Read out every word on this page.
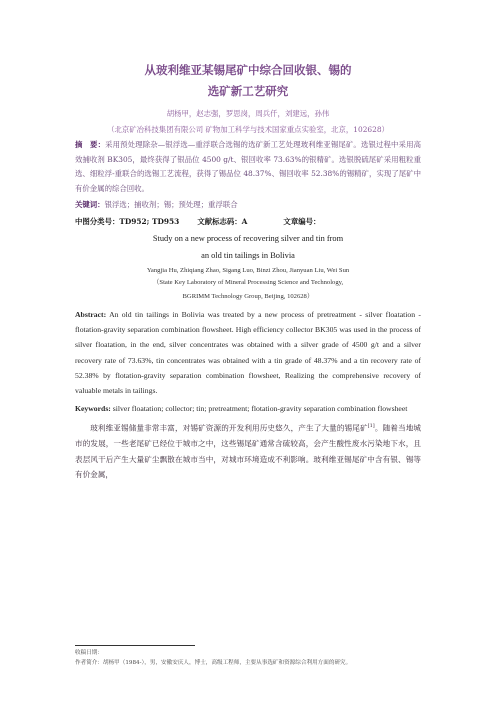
从玻利维亚某锡尾矿中综合回收银、锡的
选矿新工艺研究
胡杨甲，赵志强，罗思岗，周兵仟，刘建远，孙伟
（北京矿冶科技集团有限公司 矿物加工科学与技术国家重点实验室，北京，102628）
摘　要：采用预处理除杂—银浮选—重浮联合选锡的选矿新工艺处理玻利维亚锡尾矿。选银过程中采用高效捕收剂 BK305，最终获得了银品位 4500 g/t、银回收率 73.63%的银精矿。选银脱硫尾矿采用粗粒重选、细粒浮-重联合的选锡工艺流程，获得了锡品位 48.37%、锡回收率 52.38%的锡精矿，实现了尾矿中有价金属的综合回收。
关键词：银浮选；捕收剂；锡；预处理；重浮联合
中图分类号：TD952; TD953 文献标志码：A	文章编号：
Study on a new process of recovering silver and tin from
an old tin tailings in Bolivia
Yangjia Hu, Zhiqiang Zhao, Sigang Luo, Binzi Zhou, Jianyuan Liu, Wei Sun
（State Key Laboratory of Mineral Processing Science and Technology,
BGRIMM Technology Group, Beijing, 102628）
Abstract: An old tin tailings in Bolivia was treated by a new process of pretreatment - silver floatation - flotation-gravity separation combination flowsheet. High efficiency collector BK305 was used in the process of silver floatation, in the end, silver concentrates was obtained with a silver grade of 4500 g/t and a silver recovery rate of 73.63%, tin concentrates was obtained with a tin grade of 48.37% and a tin recovery rate of 52.38% by flotation-gravity separation combination flowsheet, Realizing the comprehensive recovery of valuable metals in tailings.
Keywords: silver floatation; collector; tin; pretreatment; flotation-gravity separation combination flowsheet
玻利维亚锡储量非常丰富，对锡矿资源的开发利用历史悠久，产生了大量的锡尾矿[1]。随着当地城市的发展，一些老尾矿已经位于城市之中，这些锡尾矿通常含硫较高，会产生酸性废水污染地下水，且表层风干后产生大量矿尘飘散在城市当中，对城市环境造成不利影响。玻利维亚锡尾矿中含有银、锡等有价金属，
收稿日期：
作者简介：胡杨甲（1984-），男，安徽安庆人，博士，高级工程师，主要从事选矿和资源综合利用方面的研究。
